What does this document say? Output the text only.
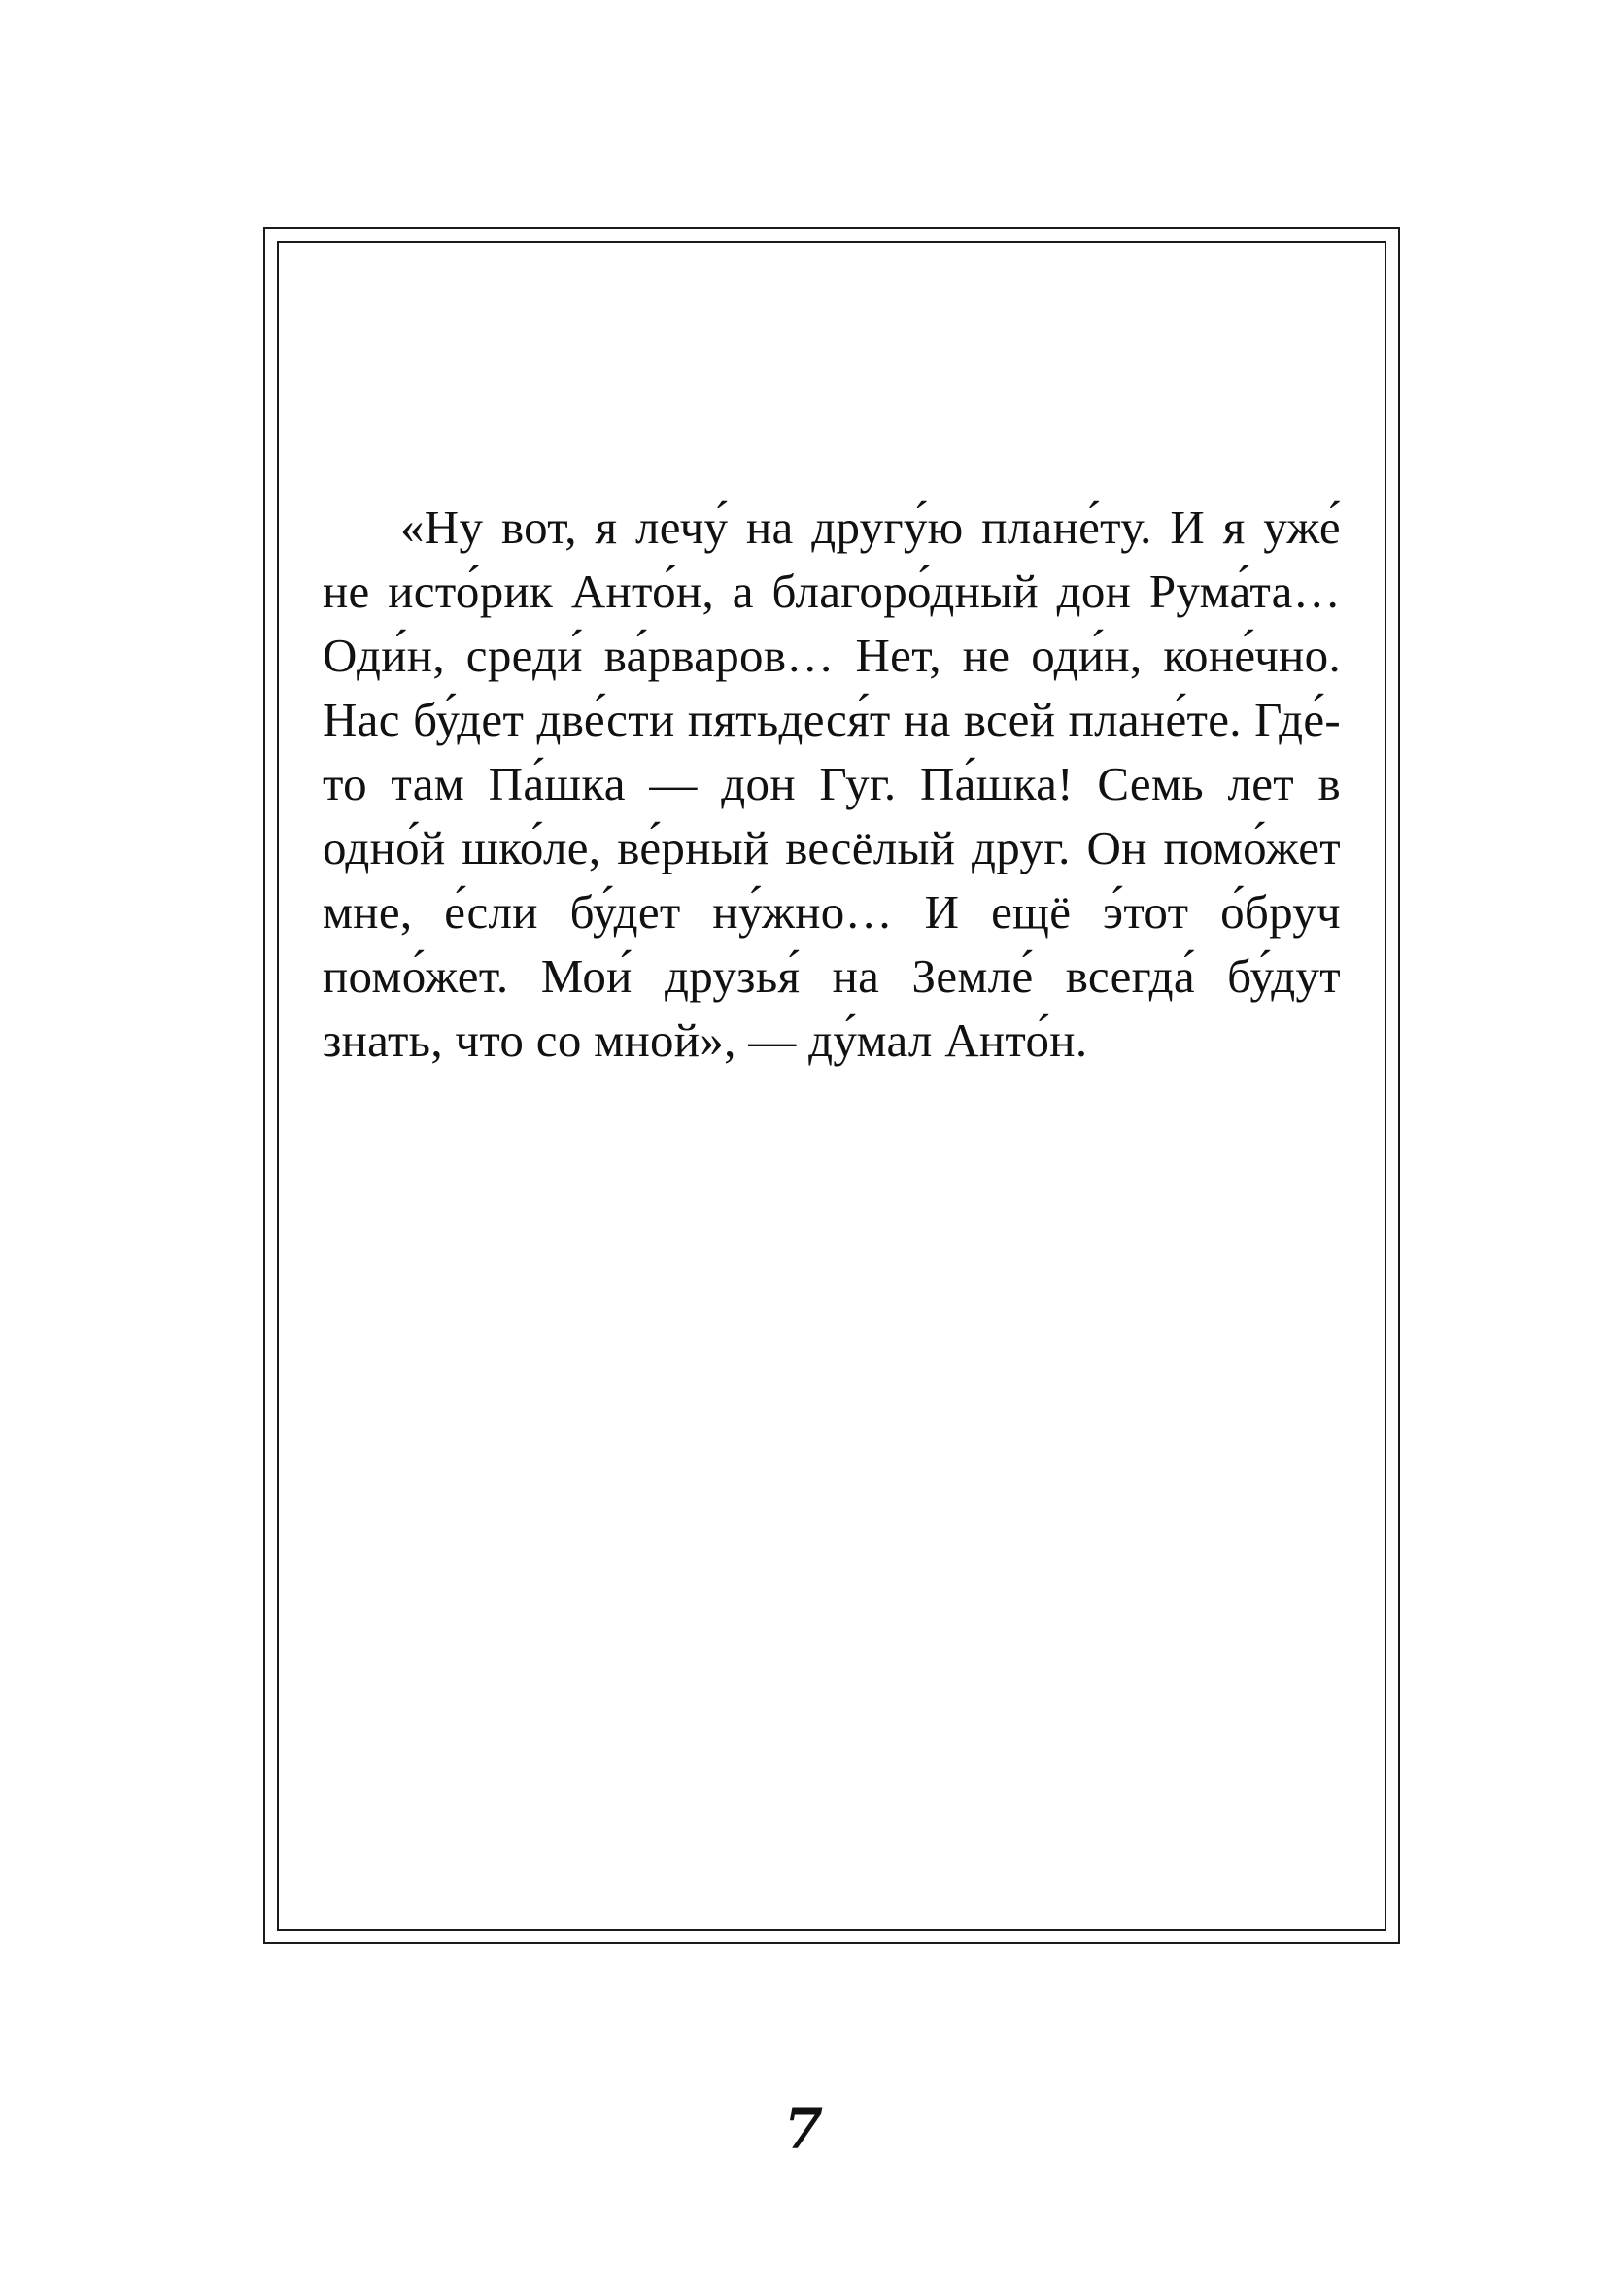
«Ну вот, я лечу́ на другу́ю плане́ту. И я уже́
не исто́рик Анто́н, а благоро́дный дон Рума́та…
Оди́н, среди́ ва́рваров… Нет, не оди́н, коне́чно.
Нас бу́дет две́сти пятьдеся́т на всей плане́те. Где́-
то там Па́шка — дон Гуг. Па́шка! Семь лет в
одно́й шко́ле, ве́рный весёлый друг. Он помо́жет
мне, е́сли бу́дет ну́жно… И ещё э́тот о́бруч
помо́жет. Мои́ друзья́ на Земле́ всегда́ бу́дут
знать, что со мной», — ду́мал Анто́н.
7
